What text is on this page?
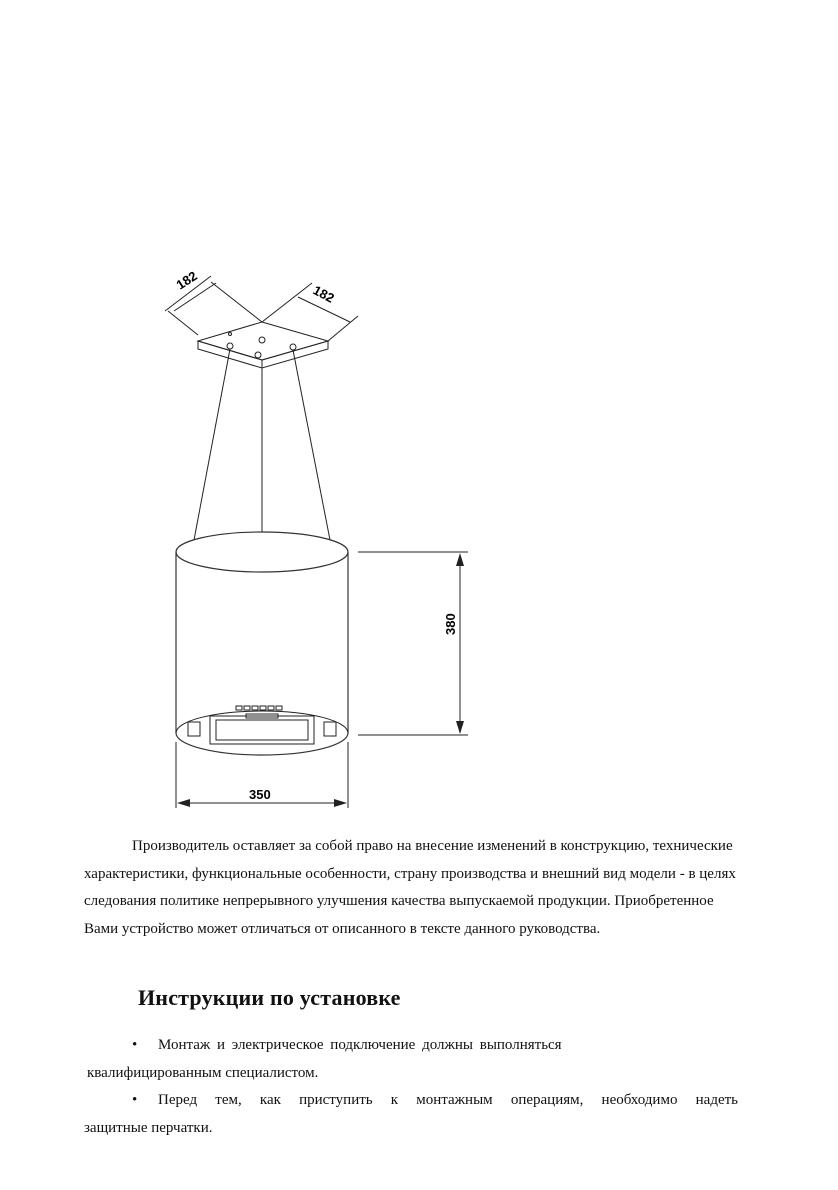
182
182
380
350

Производитель оставляет за собой право на внесение изменений в конструкцию, технические характеристики, функциональные особенности, страну производства и внешний вид модели - в целях следования политике непрерывного улучшения качества выпускаемой продукции. Приобретенное Вами устройство может отличаться от описанного в тексте данного руководства.

Инструкции по установке
• Монтаж и электрическое подключение должны выполняться
квалифицированным специалистом.
• Перед тем, как приступить к монтажным операциям, необходимо надеть
защитные перчатки.
